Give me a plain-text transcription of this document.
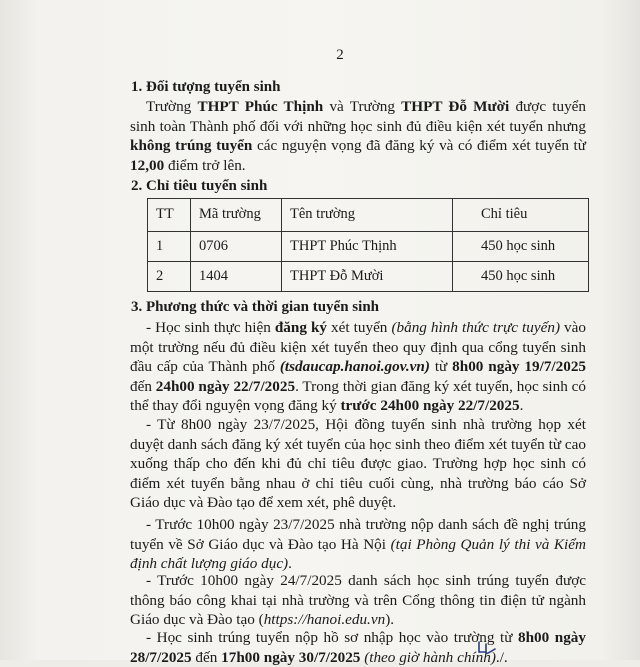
2
1. Đối tượng tuyển sinh
Trường THPT Phúc Thịnh và Trường THPT Đỗ Mười được tuyển sinh toàn Thành phố đối với những học sinh đủ điều kiện xét tuyển nhưng không trúng tuyển các nguyện vọng đã đăng ký và có điểm xét tuyển từ 12,00 điểm trở lên.
2. Chỉ tiêu tuyển sinh
TT	Mã trường	Tên trường	Chỉ tiêu
1	0706	THPT Phúc Thịnh	450 học sinh
2	1404	THPT Đỗ Mười	450 học sinh
3. Phương thức và thời gian tuyển sinh
- Học sinh thực hiện đăng ký xét tuyển (bằng hình thức trực tuyến) vào một trường nếu đủ điều kiện xét tuyển theo quy định qua cổng tuyển sinh đầu cấp của Thành phố (tsdaucap.hanoi.gov.vn) từ 8h00 ngày 19/7/2025 đến 24h00 ngày 22/7/2025. Trong thời gian đăng ký xét tuyển, học sinh có thể thay đổi nguyện vọng đăng ký trước 24h00 ngày 22/7/2025.
- Từ 8h00 ngày 23/7/2025, Hội đồng tuyển sinh nhà trường họp xét duyệt danh sách đăng ký xét tuyển của học sinh theo điểm xét tuyển từ cao xuống thấp cho đến khi đủ chỉ tiêu được giao. Trường hợp học sinh có điểm xét tuyển bằng nhau ở chỉ tiêu cuối cùng, nhà trường báo cáo Sở Giáo dục và Đào tạo để xem xét, phê duyệt.
- Trước 10h00 ngày 23/7/2025 nhà trường nộp danh sách đề nghị trúng tuyển về Sở Giáo dục và Đào tạo Hà Nội (tại Phòng Quản lý thi và Kiểm định chất lượng giáo dục).
- Trước 10h00 ngày 24/7/2025 danh sách học sinh trúng tuyển được thông báo công khai tại nhà trường và trên Cổng thông tin điện tử ngành Giáo dục và Đào tạo (https://hanoi.edu.vn).
- Học sinh trúng tuyển nộp hồ sơ nhập học vào trường từ 8h00 ngày 28/7/2025 đến 17h00 ngày 30/7/2025 (theo giờ hành chính)./.
